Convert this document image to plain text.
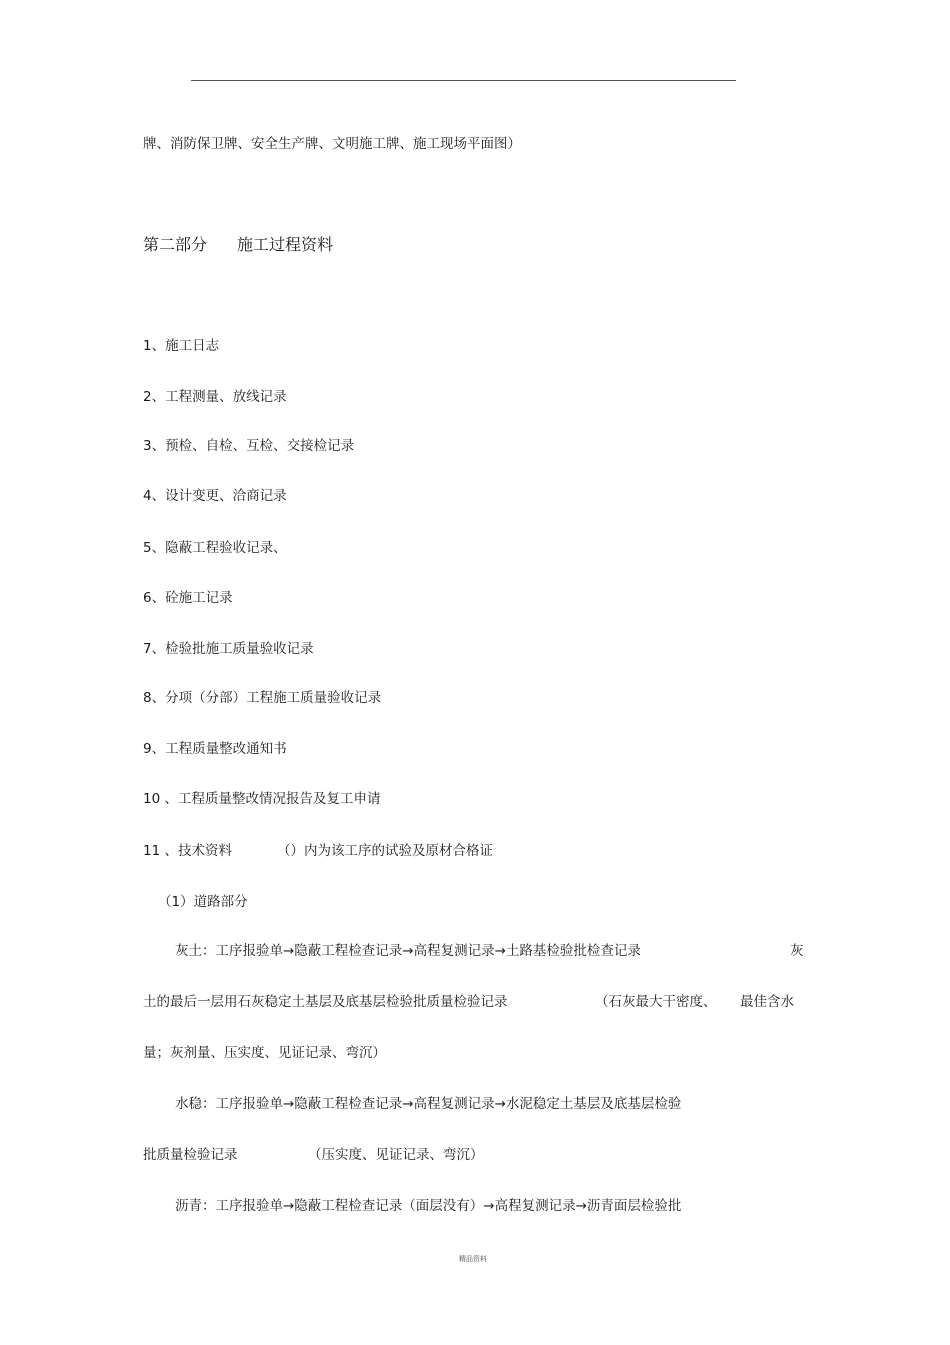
牌、消防保卫牌、安全生产牌、文明施工牌、施工现场平面图）
第二部分 施工过程资料
1、施工日志
2、工程测量、放线记录
3、预检、自检、互检、交接检记录
4、设计变更、洽商记录
5、隐蔽工程验收记录、
6、砼施工记录
7、检验批施工质量验收记录
8、分项（分部）工程施工质量验收记录
9、工程质量整改通知书
10 、工程质量整改情况报告及复工申请
11 、技术资料	（）内为该工序的试验及原材合格证
（1）道路部分
灰土：工序报验单→隐蔽工程检查记录→高程复测记录→土路基检验批检查记录	灰
土的最后一层用石灰稳定土基层及底基层检验批质量检验记录	（石灰最大干密度、 最佳含水
量；灰剂量、压实度、见证记录、弯沉）
水稳：工序报验单→隐蔽工程检查记录→高程复测记录→水泥稳定土基层及底基层检验
批质量检验记录	（压实度、见证记录、弯沉）
沥青：工序报验单→隐蔽工程检查记录（面层没有）→高程复测记录→沥青面层检验批
精品资料
